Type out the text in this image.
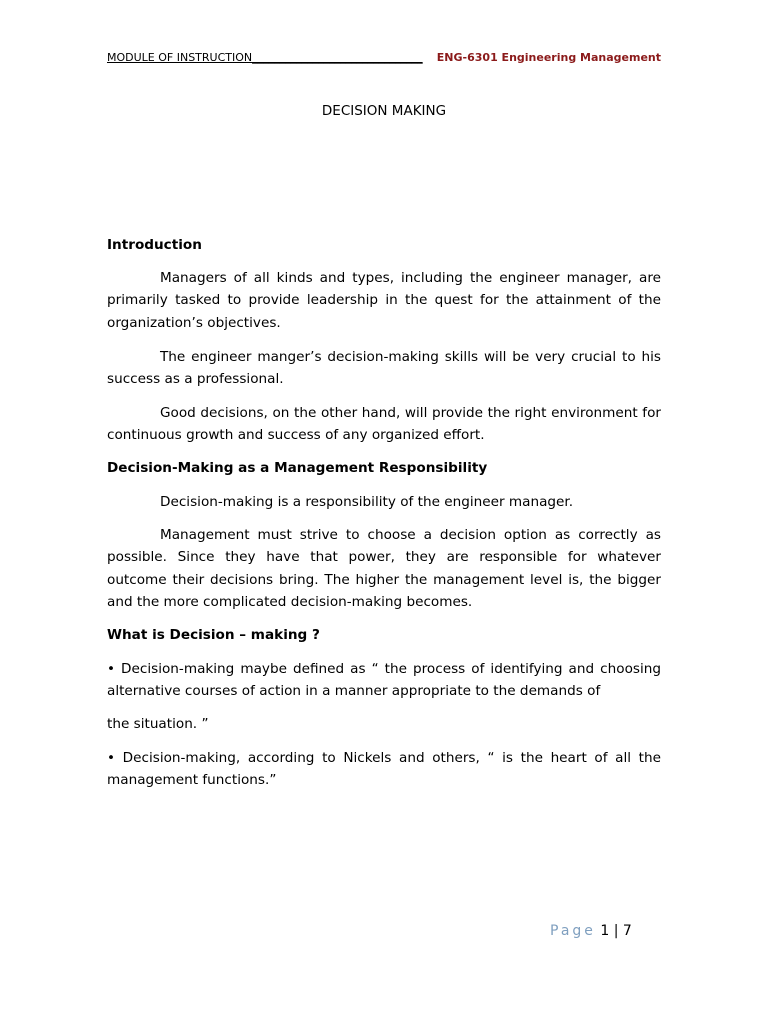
MODULE OF INSTRUCTION_______________________________ ENG-6301 Engineering Management
DECISION MAKING
Introduction
Managers of all kinds and types, including the engineer manager, are primarily tasked to provide leadership in the quest for the attainment of the organization’s objectives.
The engineer manger’s decision-making skills will be very crucial to his success as a professional.
Good decisions, on the other hand, will provide the right environment for continuous growth and success of any organized effort.
Decision-Making as a Management Responsibility
Decision-making is a responsibility of the engineer manager.
Management must strive to choose a decision option as correctly as possible. Since they have that power, they are responsible for whatever outcome their decisions bring. The higher the management level is, the bigger and the more complicated decision-making becomes.
What is Decision – making ?
• Decision-making maybe defined as “ the process of identifying and choosing alternative courses of action in a manner appropriate to the demands of
the situation. ”
• Decision-making, according to Nickels and others, “ is the heart of all the management functions.”
Page 1 | 7
